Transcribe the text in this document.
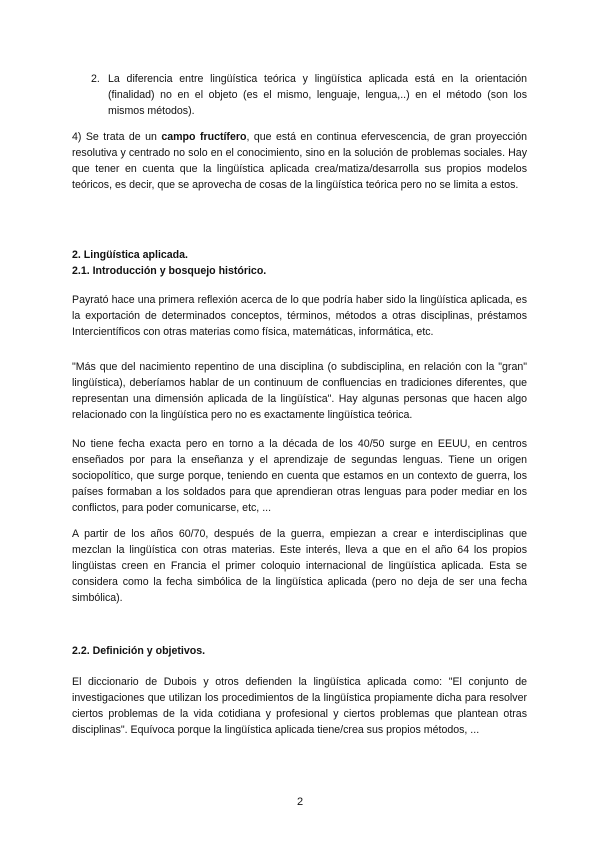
2. La diferencia entre lingüística teórica y lingüística aplicada está en la orientación (finalidad) no en el objeto (es el mismo, lenguaje, lengua,..) en el método (son los mismos métodos).

4) Se trata de un campo fructífero, que está en continua efervescencia, de gran proyección resolutiva y centrado no solo en el conocimiento, sino en la solución de problemas sociales. Hay que tener en cuenta que la lingüística aplicada crea/matiza/desarrolla sus propios modelos teóricos, es decir, que se aprovecha de cosas de la lingüística teórica pero no se limita a estos.

2. Lingüística aplicada.

2.1. Introducción y bosquejo histórico.

Payrató hace una primera reflexión acerca de lo que podría haber sido la lingüística aplicada, es la exportación de determinados conceptos, términos, métodos a otras disciplinas, préstamos Intercientíficos con otras materias como física, matemáticas, informática, etc.

"Más que del nacimiento repentino de una disciplina (o subdisciplina, en relación con la "gran" lingüística), deberíamos hablar de un continuum de confluencias en tradiciones diferentes, que representan una dimensión aplicada de la lingüística". Hay algunas personas que hacen algo relacionado con la lingüística pero no es exactamente lingüística teórica.

No tiene fecha exacta pero en torno a la década de los 40/50 surge en EEUU, en centros enseñados por para la enseñanza y el aprendizaje de segundas lenguas. Tiene un origen sociopolítico, que surge porque, teniendo en cuenta que estamos en un contexto de guerra, los países formaban a los soldados para que aprendieran otras lenguas para poder mediar en los conflictos, para poder comunicarse, etc, ...

A partir de los años 60/70, después de la guerra, empiezan a crear e interdisciplinas que mezclan la lingüística con otras materias. Este interés, lleva a que en el año 64 los propios lingüistas creen en Francia el primer coloquio internacional de lingüística aplicada. Esta se considera como la fecha simbólica de la lingüística aplicada (pero no deja de ser una fecha simbólica).

2.2. Definición y objetivos.

El diccionario de Dubois y otros defienden la lingüística aplicada como: "El conjunto de investigaciones que utilizan los procedimientos de la lingüística propiamente dicha para resolver ciertos problemas de la vida cotidiana y profesional y ciertos problemas que plantean otras disciplinas". Equívoca porque la lingüística aplicada tiene/crea sus propios métodos, ...

2
